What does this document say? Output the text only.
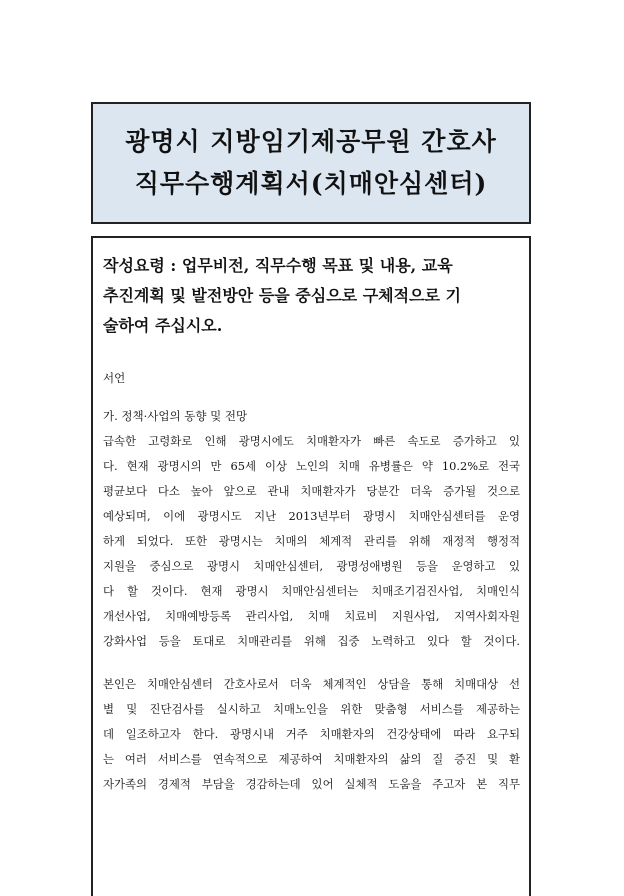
광명시 지방임기제공무원 간호사
직무수행계획서(치매안심센터)

작성요령 : 업무비전, 직무수행 목표 및 내용, 교육
추진계획 및 발전방안 등을 중심으로 구체적으로 기
술하여 주십시오.

서언

가. 정책·사업의 동향 및 전망

급속한 고령화로 인해 광명시에도 치매환자가 빠른 속도로 증가하고 있
다. 현재 광명시의 만 65세 이상 노인의 치매 유병률은 약 10.2%로 전국
평균보다 다소 높아 앞으로 관내 치매환자가 당분간 더욱 증가될 것으로
예상되며, 이에 광명시도 지난 2013년부터 광명시 치매안심센터를 운영
하게 되었다. 또한 광명시는 치매의 체계적 관리를 위해 재정적 행정적
지원을 중심으로 광명시 치매안심센터, 광명성애병원 등을 운영하고 있
다 할 것이다. 현재 광명시 치매안심센터는 치매조기검진사업, 치매인식
개선사업, 치매예방등록 관리사업, 치매 치료비 지원사업, 지역사회자원
강화사업 등을 토대로 치매관리를 위해 집중 노력하고 있다 할 것이다.

본인은 치매안심센터 간호사로서 더욱 체계적인 상담을 통해 치매대상 선
별 및 진단검사를 실시하고 치매노인을 위한 맞춤형 서비스를 제공하는
데 일조하고자 한다. 광명시내 거주 치매환자의 건강상태에 따라 요구되
는 여러 서비스를 연속적으로 제공하여 치매환자의 삶의 질 증진 및 환
자가족의 경제적 부담을 경감하는데 있어 실체적 도움을 주고자 본 직무
